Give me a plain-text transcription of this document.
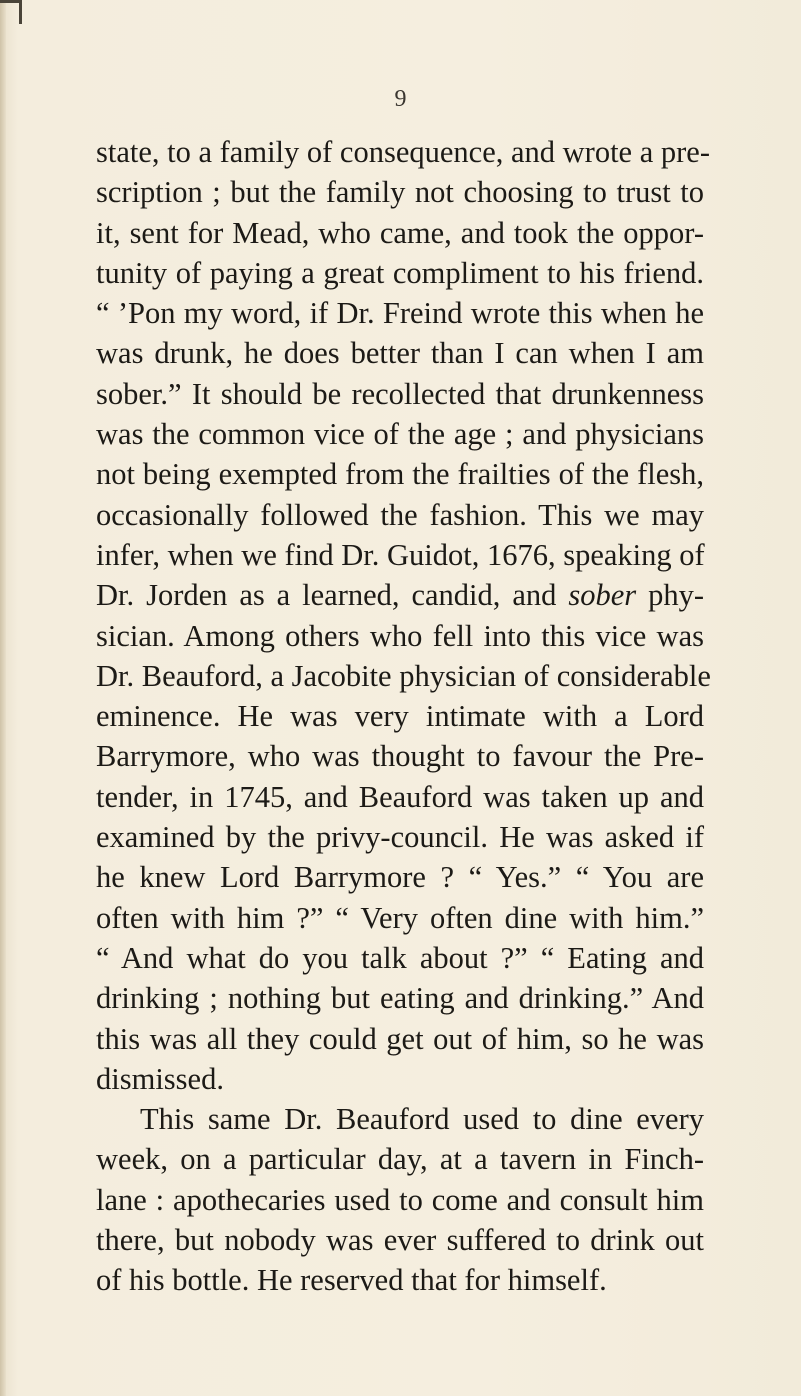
9
state, to a family of consequence, and wrote a pre-
scription ; but the family not choosing to trust to
it, sent for Mead, who came, and took the oppor-
tunity of paying a great compliment to his friend.
“ ’Pon my word, if Dr. Freind wrote this when he
was drunk, he does better than I can when I am
sober.” It should be recollected that drunkenness
was the common vice of the age ; and physicians
not being exempted from the frailties of the flesh,
occasionally followed the fashion. This we may
infer, when we find Dr. Guidot, 1676, speaking of
Dr. Jorden as a learned, candid, and sober phy-
sician. Among others who fell into this vice was
Dr. Beauford, a Jacobite physician of considerable
eminence. He was very intimate with a Lord
Barrymore, who was thought to favour the Pre-
tender, in 1745, and Beauford was taken up and
examined by the privy-council. He was asked if
he knew Lord Barrymore ? “ Yes.” “ You are
often with him ?” “ Very often dine with him.”
“ And what do you talk about ?” “ Eating and
drinking ; nothing but eating and drinking.” And
this was all they could get out of him, so he was
dismissed.
This same Dr. Beauford used to dine every
week, on a particular day, at a tavern in Finch-
lane : apothecaries used to come and consult him
there, but nobody was ever suffered to drink out
of his bottle. He reserved that for himself.
